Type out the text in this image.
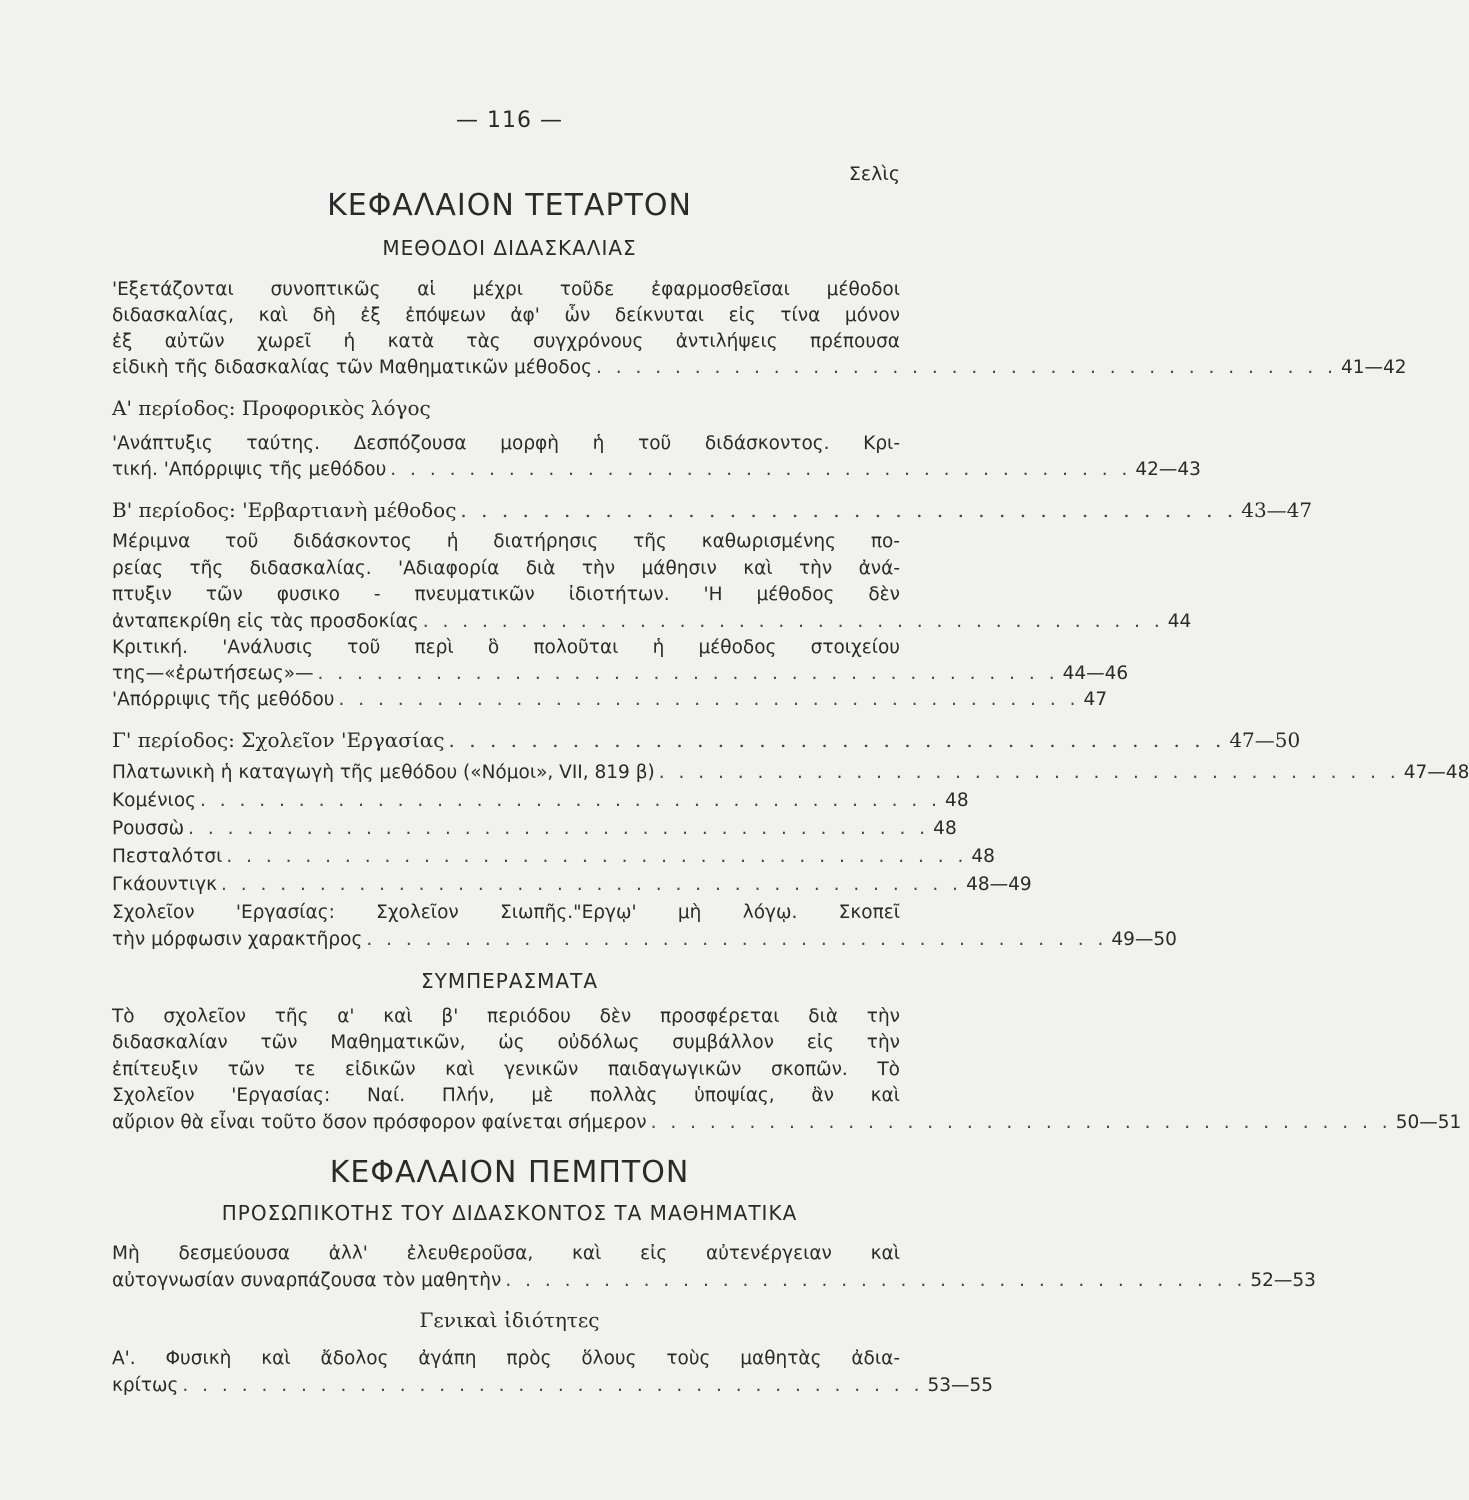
— 116 —
Σελὶς
ΚΕΦΑΛΑΙΟΝ ΤΕΤΑΡΤΟΝ
ΜΕΘΟΔΟΙ ΔΙΔΑΣΚΑΛΙΑΣ
'Εξετάζονται συνοπτικῶς αἱ μέχρι τοῦδε ἐφαρμοσθεῖσαι μέθοδοι
διδασκαλίας, καὶ δὴ ἐξ ἐπόψεων ἀφ' ὧν δείκνυται εἰς τίνα μόνον
ἐξ αὐτῶν χωρεῖ ἡ κατὰ τὰς συγχρόνους ἀντιλήψεις πρέπουσα
εἰδικὴ τῆς διδασκαλίας τῶν Μαθηματικῶν μέθοδος . . . . . . . . . . . . . . . . . . . . . . . . . . . . . . . . . . . . . . 41—42
Α' περίοδος: Προφορικὸς λόγος
'Ανάπτυξις ταύτης. Δεσπόζουσα μορφὴ ἡ τοῦ διδάσκοντος. Κρι-
τική. 'Απόρριψις τῆς μεθόδου . . . . . . . . . . . . . . . . . . . . . . . . . . . . . . . . . . . . . . 42—43
Β' περίοδος: 'Ερβαρτιανὴ μέθοδος . . . . . . . . . . . . . . . . . . . . . . . . . . . . . . . . . . . . . . 43—47
Μέριμνα τοῦ διδάσκοντος ἡ διατήρησις τῆς καθωρισμένης πο-
ρείας τῆς διδασκαλίας. 'Αδιαφορία διὰ τὴν μάθησιν καὶ τὴν ἀνά-
πτυξιν τῶν φυσικο - πνευματικῶν ἰδιοτήτων. 'Η μέθοδος δὲν
ἀνταπεκρίθη εἰς τὰς προσδοκίας . . . . . . . . . . . . . . . . . . . . . . . . . . . . . . . . . . . . . . 44
Κριτική. 'Ανάλυσις τοῦ περὶ ὃ πολοῦται ἡ μέθοδος στοιχείου
της—«ἐρωτήσεως»— . . . . . . . . . . . . . . . . . . . . . . . . . . . . . . . . . . . . . . 44—46
'Απόρριψις τῆς μεθόδου . . . . . . . . . . . . . . . . . . . . . . . . . . . . . . . . . . . . . . 47
Γ' περίοδος: Σχολεῖον 'Εργασίας . . . . . . . . . . . . . . . . . . . . . . . . . . . . . . . . . . . . . . 47—50
Πλατωνικὴ ἡ καταγωγὴ τῆς μεθόδου («Νόμοι», VII, 819 β) . . . . . . . . . . . . . . . . . . . . . . . . . . . . . . . . . . . . . . 47—48
Κομένιος . . . . . . . . . . . . . . . . . . . . . . . . . . . . . . . . . . . . . . 48
Ρουσσὼ . . . . . . . . . . . . . . . . . . . . . . . . . . . . . . . . . . . . . . 48
Πεσταλότσι . . . . . . . . . . . . . . . . . . . . . . . . . . . . . . . . . . . . . . 48
Γκάουντιγκ . . . . . . . . . . . . . . . . . . . . . . . . . . . . . . . . . . . . . . 48—49
Σχολεῖον 'Εργασίας: Σχολεῖον Σιωπῆς."Εργῳ' μὴ λόγῳ. Σκοπεῖ
τὴν μόρφωσιν χαρακτῆρος . . . . . . . . . . . . . . . . . . . . . . . . . . . . . . . . . . . . . . 49—50
ΣΥΜΠΕΡΑΣΜΑΤΑ
Τὸ σχολεῖον τῆς α' καὶ β' περιόδου δὲν προσφέρεται διὰ τὴν
διδασκαλίαν τῶν Μαθηματικῶν, ὡς οὐδόλως συμβάλλον εἰς τὴν
ἐπίτευξιν τῶν τε εἰδικῶν καὶ γενικῶν παιδαγωγικῶν σκοπῶν. Τὸ
Σχολεῖον 'Εργασίας: Ναί. Πλήν, μὲ πολλὰς ὑποψίας, ἂν καὶ
αὔριον θὰ εἶναι τοῦτο ὅσον πρόσφορον φαίνεται σήμερον . . . . . . . . . . . . . . . . . . . . . . . . . . . . . . . . . . . . . . 50—51
ΚΕΦΑΛΑΙΟΝ ΠΕΜΠΤΟΝ
ΠΡΟΣΩΠΙΚΟΤΗΣ ΤΟΥ ΔΙΔΑΣΚΟΝΤΟΣ ΤΑ ΜΑΘΗΜΑΤΙΚΑ
Μὴ δεσμεύουσα ἀλλ' ἐλευθεροῦσα, καὶ εἰς αὐτενέργειαν καὶ
αὐτογνωσίαν συναρπάζουσα τὸν μαθητὴν . . . . . . . . . . . . . . . . . . . . . . . . . . . . . . . . . . . . . . 52—53
Γενικαὶ ἰδιότητες
Α'. Φυσικὴ καὶ ἄδολος ἀγάπη πρὸς ὅλους τοὺς μαθητὰς ἀδια-
κρίτως . . . . . . . . . . . . . . . . . . . . . . . . . . . . . . . . . . . . . . 53—55
